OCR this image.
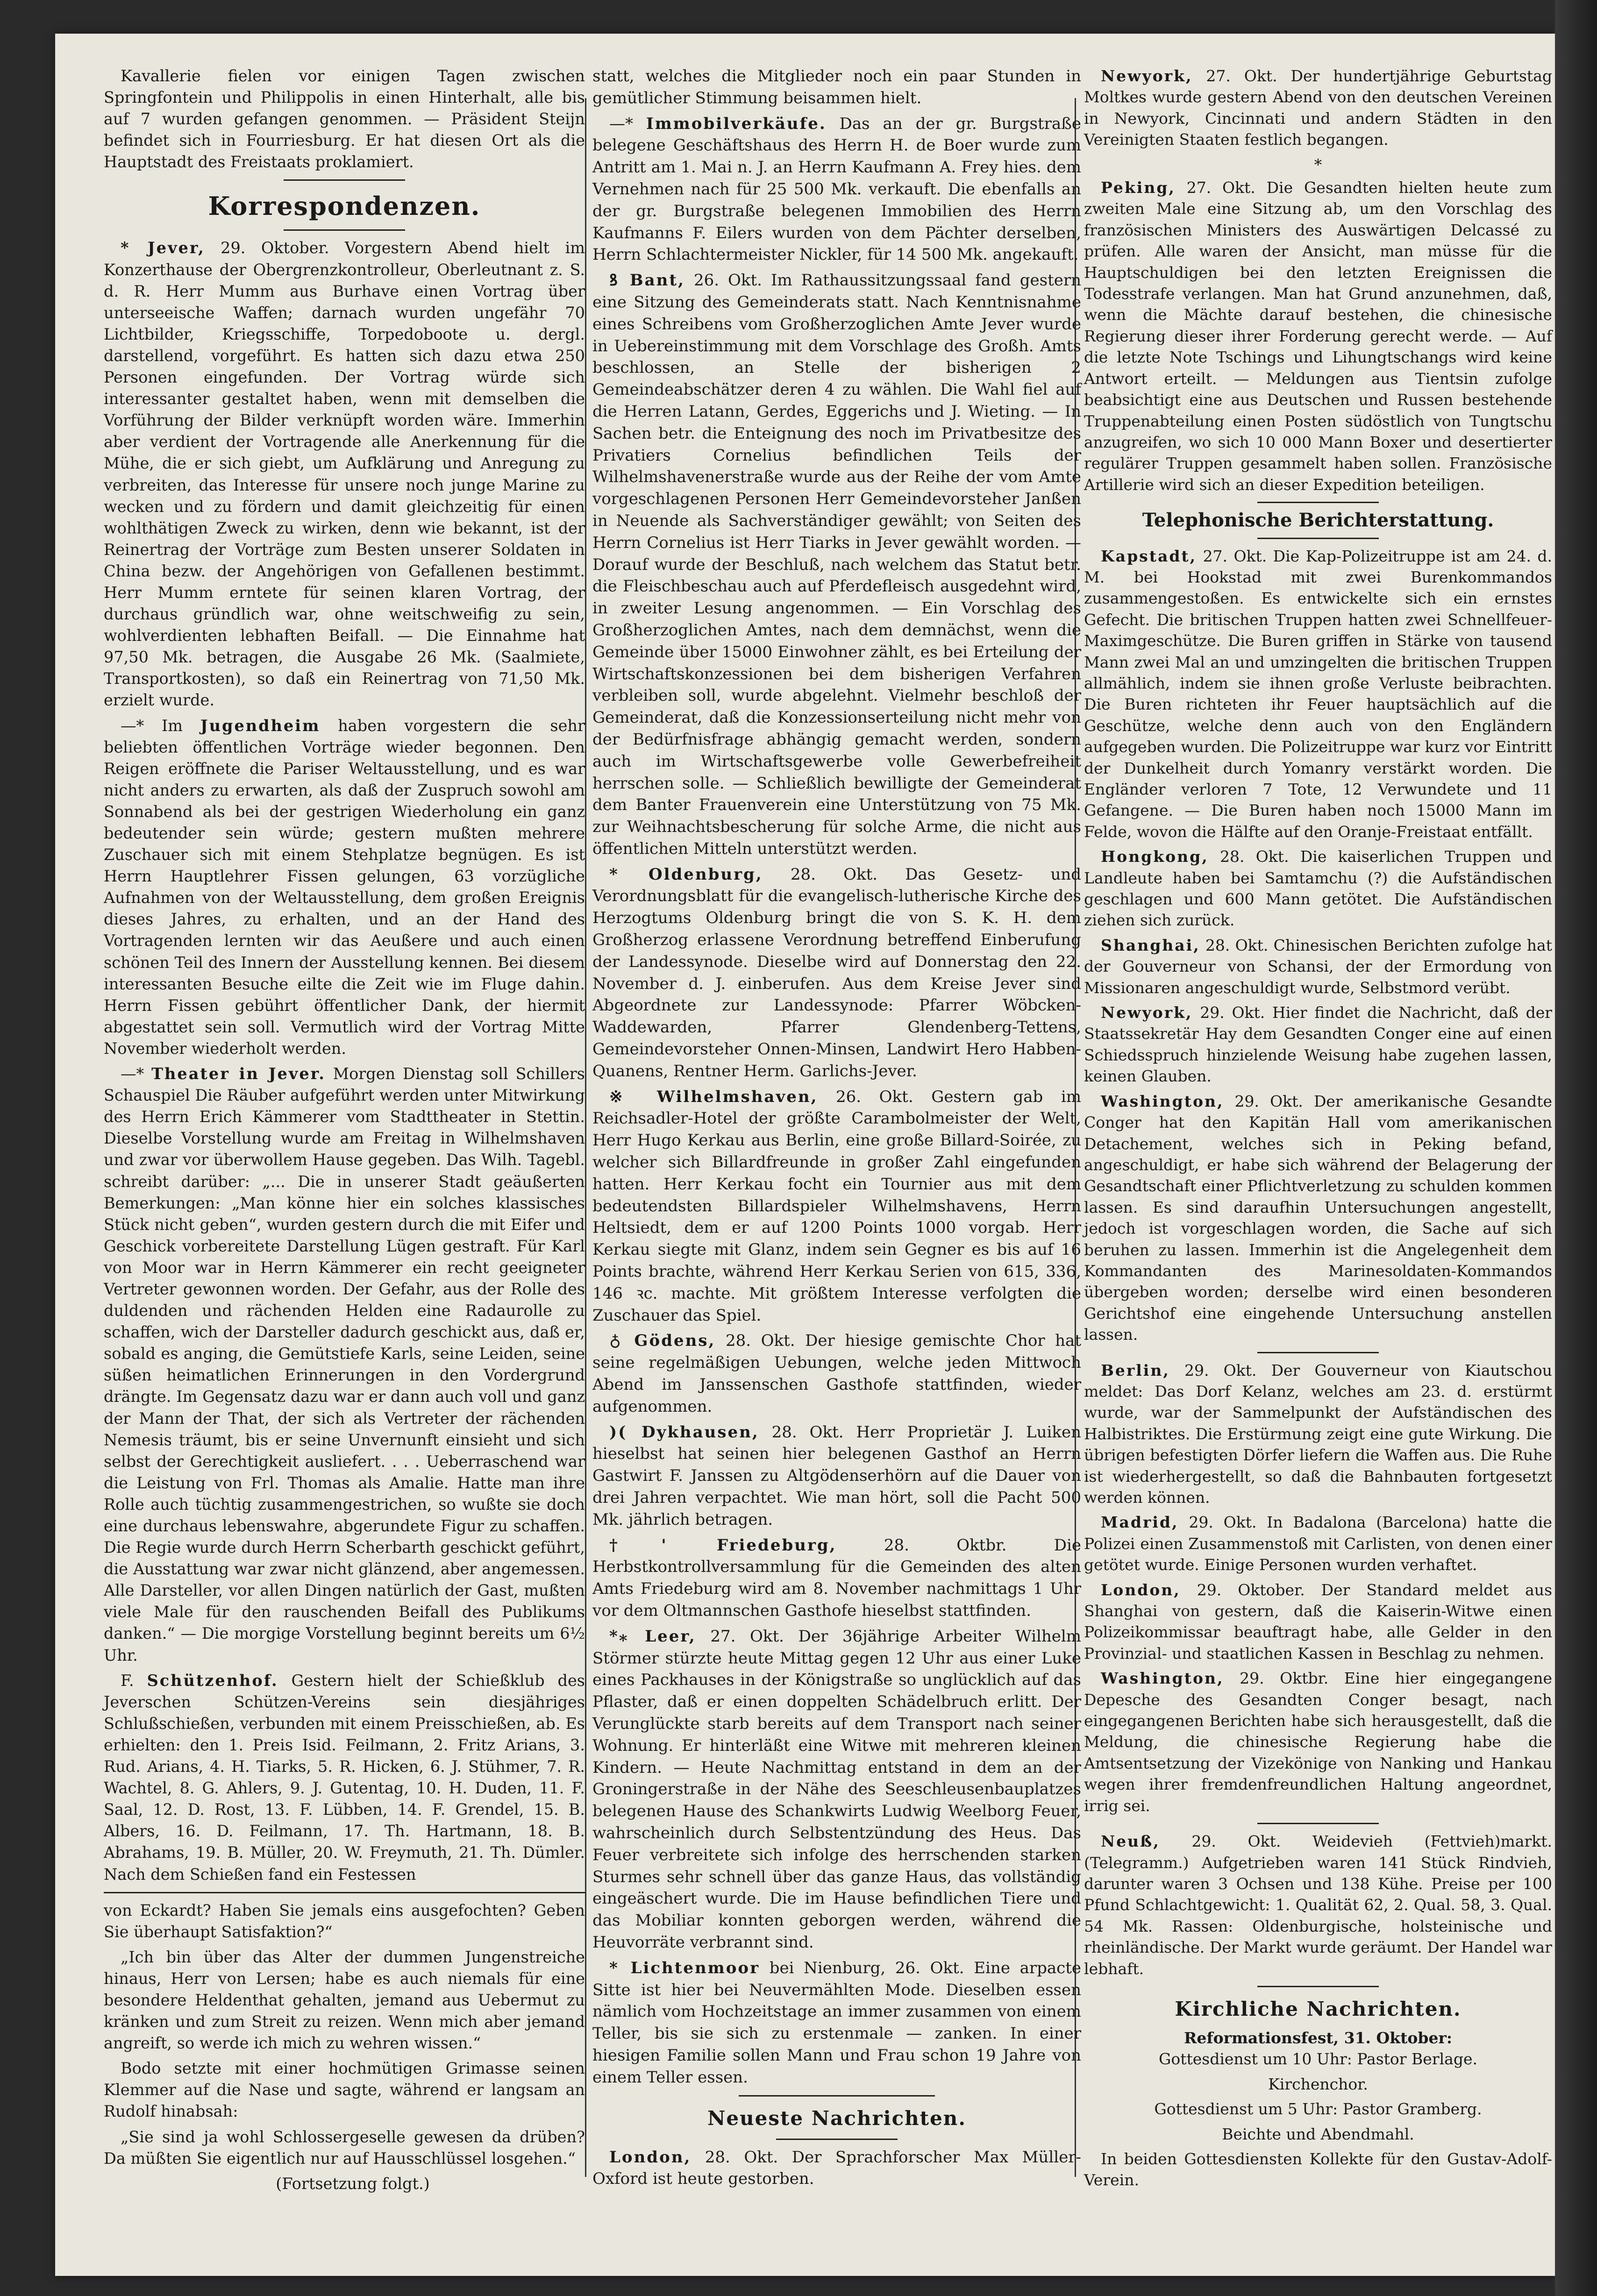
Kavallerie fielen vor einigen Tagen zwischen Springfontein und Philippolis in einen Hinterhalt, alle bis auf 7 wurden gefangen genommen. — Präsident Steijn befindet sich in Fourriesburg. Er hat diesen Ort als die Hauptstadt des Freistaats proklamiert.

Korrespondenzen.

* Jever, 29. Oktober. Vorgestern Abend hielt im Konzerthause der Obergrenzkontrolleur, Oberleutnant z. S. d. R. Herr Mumm aus Burhave einen Vortrag über unterseeische Waffen; darnach wurden ungefähr 70 Lichtbilder, Kriegsschiffe, Torpedoboote u. dergl. darstellend, vorgeführt. Es hatten sich dazu etwa 250 Personen eingefunden. Der Vortrag würde sich interessanter gestaltet haben, wenn mit demselben die Vorführung der Bilder verknüpft worden wäre. Immerhin aber verdient der Vortragende alle Anerkennung für die Mühe, die er sich giebt, um Aufklärung und Anregung zu verbreiten, das Interesse für unsere noch junge Marine zu wecken und zu fördern und damit gleichzeitig für einen wohlthätigen Zweck zu wirken, denn wie bekannt, ist der Reinertrag der Vorträge zum Besten unserer Soldaten in China bezw. der Angehörigen von Gefallenen bestimmt. Herr Mumm erntete für seinen klaren Vortrag, der durchaus gründlich war, ohne weitschweifig zu sein, wohlverdienten lebhaften Beifall. — Die Einnahme hat 97,50 Mk. betragen, die Ausgabe 26 Mk. (Saalmiete, Transportkosten), so daß ein Reinertrag von 71,50 Mk. erzielt wurde.

—* Im Jugendheim haben vorgestern die sehr beliebten öffentlichen Vorträge wieder begonnen. Den Reigen eröffnete die Pariser Weltausstellung, und es war nicht anders zu erwarten, als daß der Zuspruch sowohl am Sonnabend als bei der gestrigen Wiederholung ein ganz bedeutender sein würde; gestern mußten mehrere Zuschauer sich mit einem Stehplatze begnügen. Es ist Herrn Hauptlehrer Fissen gelungen, 63 vorzügliche Aufnahmen von der Weltausstellung, dem großen Ereignis dieses Jahres, zu erhalten, und an der Hand des Vortragenden lernten wir das Aeußere und auch einen schönen Teil des Innern der Ausstellung kennen. Bei diesem interessanten Besuche eilte die Zeit wie im Fluge dahin. Herrn Fissen gebührt öffentlicher Dank, der hiermit abgestattet sein soll. Vermutlich wird der Vortrag Mitte November wiederholt werden.

—* Theater in Jever. Morgen Dienstag soll Schillers Schauspiel Die Räuber aufgeführt werden unter Mitwirkung des Herrn Erich Kämmerer vom Stadttheater in Stettin. Dieselbe Vorstellung wurde am Freitag in Wilhelmshaven und zwar vor überwollem Hause gegeben. Das Wilh. Tagebl. schreibt darüber: „... Die in unserer Stadt geäußerten Bemerkungen: „Man könne hier ein solches klassisches Stück nicht geben“, wurden gestern durch die mit Eifer und Geschick vorbereitete Darstellung Lügen gestraft. Für Karl von Moor war in Herrn Kämmerer ein recht geeigneter Vertreter gewonnen worden. Der Gefahr, aus der Rolle des duldenden und rächenden Helden eine Radaurolle zu schaffen, wich der Darsteller dadurch geschickt aus, daß er, sobald es anging, die Gemütstiefe Karls, seine Leiden, seine süßen heimatlichen Erinnerungen in den Vordergrund drängte. Im Gegensatz dazu war er dann auch voll und ganz der Mann der That, der sich als Vertreter der rächenden Nemesis träumt, bis er seine Unvernunft einsieht und sich selbst der Gerechtigkeit ausliefert. . . . Ueberraschend war die Leistung von Frl. Thomas als Amalie. Hatte man ihre Rolle auch tüchtig zusammengestrichen, so wußte sie doch eine durchaus lebenswahre, abgerundete Figur zu schaffen. Die Regie wurde durch Herrn Scherbarth geschickt geführt, die Ausstattung war zwar nicht glänzend, aber angemessen. Alle Darsteller, vor allen Dingen natürlich der Gast, mußten viele Male für den rauschenden Beifall des Publikums danken.“ — Die morgige Vorstellung beginnt bereits um 6½ Uhr.

F. Schützenhof. Gestern hielt der Schießklub des Jeverschen Schützen-Vereins sein diesjähriges Schlußschießen, verbunden mit einem Preisschießen, ab. Es erhielten: den 1. Preis Isid. Feilmann, 2. Fritz Arians, 3. Rud. Arians, 4. H. Tiarks, 5. R. Hicken, 6. J. Stühmer, 7. R. Wachtel, 8. G. Ahlers, 9. J. Gutentag, 10. H. Duden, 11. F. Saal, 12. D. Rost, 13. F. Lübben, 14. F. Grendel, 15. B. Albers, 16. D. Feilmann, 17. Th. Hartmann, 18. B. Abrahams, 19. B. Müller, 20. W. Freymuth, 21. Th. Dümler. Nach dem Schießen fand ein Festessen

von Eckardt? Haben Sie jemals eins ausgefochten? Geben Sie überhaupt Satisfaktion?“

„Ich bin über das Alter der dummen Jungenstreiche hinaus, Herr von Lersen; habe es auch niemals für eine besondere Heldenthat gehalten, jemand aus Uebermut zu kränken und zum Streit zu reizen. Wenn mich aber jemand angreift, so werde ich mich zu wehren wissen.“

Bodo setzte mit einer hochmütigen Grimasse seinen Klemmer auf die Nase und sagte, während er langsam an Rudolf hinabsah:

„Sie sind ja wohl Schlossergeselle gewesen da drüben? Da müßten Sie eigentlich nur auf Hausschlüssel losgehen.“

(Fortsetzung folgt.)

statt, welches die Mitglieder noch ein paar Stunden in gemütlicher Stimmung beisammen hielt.

—* Immobilverkäufe. Das an der gr. Burgstraße belegene Geschäftshaus des Herrn H. de Boer wurde zum Antritt am 1. Mai n. J. an Herrn Kaufmann A. Frey hies. dem Vernehmen nach für 25 500 Mk. verkauft. Die ebenfalls an der gr. Burgstraße belegenen Immobilien des Herrn Kaufmanns F. Eilers wurden von dem Pächter derselben, Herrn Schlachtermeister Nickler, für 14 500 Mk. angekauft.

ꝸ Bant, 26. Okt. Im Rathaussitzungssaal fand gestern eine Sitzung des Gemeinderats statt. Nach Kenntnisnahme eines Schreibens vom Großherzoglichen Amte Jever wurde in Uebereinstimmung mit dem Vorschlage des Großh. Amts beschlossen, an Stelle der bisherigen 2 Gemeindeabschätzer deren 4 zu wählen. Die Wahl fiel auf die Herren Latann, Gerdes, Eggerichs und J. Wieting. — In Sachen betr. die Enteignung des noch im Privatbesitze des Privatiers Cornelius befindlichen Teils der Wilhelmshavenerstraße wurde aus der Reihe der vom Amte vorgeschlagenen Personen Herr Gemeindevorsteher Janßen in Neuende als Sachverständiger gewählt; von Seiten des Herrn Cornelius ist Herr Tiarks in Jever gewählt worden. — Dorauf wurde der Beschluß, nach welchem das Statut betr. die Fleischbeschau auch auf Pferdefleisch ausgedehnt wird, in zweiter Lesung angenommen. — Ein Vorschlag des Großherzoglichen Amtes, nach dem demnächst, wenn die Gemeinde über 15000 Einwohner zählt, es bei Erteilung der Wirtschaftskonzessionen bei dem bisherigen Verfahren verbleiben soll, wurde abgelehnt. Vielmehr beschloß der Gemeinderat, daß die Konzessionserteilung nicht mehr von der Bedürfnisfrage abhängig gemacht werden, sondern auch im Wirtschaftsgewerbe volle Gewerbefreiheit herrschen solle. — Schließlich bewilligte der Gemeinderat dem Banter Frauenverein eine Unterstützung von 75 Mk. zur Weihnachtsbescherung für solche Arme, die nicht aus öffentlichen Mitteln unterstützt werden.

* Oldenburg, 28. Okt. Das Gesetz- und Verordnungsblatt für die evangelisch-lutherische Kirche des Herzogtums Oldenburg bringt die von S. K. H. dem Großherzog erlassene Verordnung betreffend Einberufung der Landessynode. Dieselbe wird auf Donnerstag den 22. November d. J. einberufen. Aus dem Kreise Jever sind Abgeordnete zur Landessynode: Pfarrer Wöbcken-Waddewarden, Pfarrer Glendenberg-Tettens, Gemeindevorsteher Onnen-Minsen, Landwirt Hero Habben-Quanens, Rentner Herm. Garlichs-Jever.

※ Wilhelmshaven, 26. Okt. Gestern gab im Reichsadler-Hotel der größte Carambolmeister der Welt, Herr Hugo Kerkau aus Berlin, eine große Billard-Soirée, zu welcher sich Billardfreunde in großer Zahl eingefunden hatten. Herr Kerkau focht ein Tournier aus mit dem bedeutendsten Billardspieler Wilhelmshavens, Herrn Heltsiedt, dem er auf 1200 Points 1000 vorgab. Herr Kerkau siegte mit Glanz, indem sein Gegner es bis auf 16 Points brachte, während Herr Kerkau Serien von 615, 336, 146 ꝛc. machte. Mit größtem Interesse verfolgten die Zuschauer das Spiel.

♁ Gödens, 28. Okt. Der hiesige gemischte Chor hat seine regelmäßigen Uebungen, welche jeden Mittwoch Abend im Janssenschen Gasthofe stattfinden, wieder aufgenommen.

)( Dykhausen, 28. Okt. Herr Proprietär J. Luiken hieselbst hat seinen hier belegenen Gasthof an Herrn Gastwirt F. Janssen zu Altgödenserhörn auf die Dauer von drei Jahren verpachtet. Wie man hört, soll die Pacht 500 Mk. jährlich betragen.

†' Friedeburg,	28. Oktbr. Die Herbstkontrollversammlung für die Gemeinden des alten Amts Friedeburg wird am 8. November nachmittags 1 Uhr vor dem Oltmannschen Gasthofe hieselbst stattfinden.

*⁎ Leer, 27. Okt. Der 36jährige Arbeiter Wilhelm Störmer stürzte heute Mittag gegen 12 Uhr aus einer Luke eines Packhauses in der Königstraße so unglücklich auf das Pflaster, daß er einen doppelten Schädelbruch erlitt. Der Verunglückte starb bereits auf dem Transport nach seiner Wohnung. Er hinterläßt eine Witwe mit mehreren kleinen Kindern. — Heute Nachmittag entstand in dem an der Groningerstraße in der Nähe des Seeschleusenbauplatzes belegenen Hause des Schankwirts Ludwig Weelborg Feuer, wahrscheinlich durch Selbstentzündung des Heus. Das Feuer verbreitete sich infolge des herrschenden starken Sturmes sehr schnell über das ganze Haus, das vollständig eingeäschert wurde. Die im Hause befindlichen Tiere und das Mobiliar konnten geborgen werden, während die Heuvorräte verbrannt sind.

* Lichtenmoor bei Nienburg, 26. Okt. Eine arpacte Sitte ist hier bei Neuvermählten Mode. Dieselben essen nämlich vom Hochzeitstage an immer zusammen von einem Teller, bis sie sich zu erstenmale — zanken. In einer hiesigen Familie sollen Mann und Frau schon 19 Jahre von einem Teller essen.

Neueste Nachrichten.

London, 28. Okt. Der Sprachforscher Max Müller-Oxford ist heute gestorben.

Newyork, 27. Okt. Der hundertjährige Geburtstag Moltkes wurde gestern Abend von den deutschen Vereinen in Newyork, Cincinnati und andern Städten in den Vereinigten Staaten festlich begangen.

*

Peking, 27. Okt. Die Gesandten hielten heute zum zweiten Male eine Sitzung ab, um den Vorschlag des französischen Ministers des Auswärtigen Delcassé zu prüfen. Alle waren der Ansicht, man müsse für die Hauptschuldigen bei den letzten Ereignissen die Todesstrafe verlangen. Man hat Grund anzunehmen, daß, wenn die Mächte darauf bestehen, die chinesische Regierung dieser ihrer Forderung gerecht werde. — Auf die letzte Note Tschings und Lihungtschangs wird keine Antwort erteilt. — Meldungen aus Tientsin zufolge beabsichtigt eine aus Deutschen und Russen bestehende Truppenabteilung einen Posten südöstlich von Tungtschu anzugreifen, wo sich 10 000 Mann Boxer und desertierter regulärer Truppen gesammelt haben sollen. Französische Artillerie wird sich an dieser Expedition beteiligen.

Telephonische Berichterstattung.

Kapstadt, 27. Okt. Die Kap-Polizeitruppe ist am 24. d. M. bei Hookstad mit zwei Burenkommandos zusammengestoßen. Es entwickelte sich ein ernstes Gefecht. Die britischen Truppen hatten zwei Schnellfeuer-Maximgeschütze. Die Buren griffen in Stärke von tausend Mann zwei Mal an und umzingelten die britischen Truppen allmählich, indem sie ihnen große Verluste beibrachten. Die Buren richteten ihr Feuer hauptsächlich auf die Geschütze, welche denn auch von den Engländern aufgegeben wurden. Die Polizeitruppe war kurz vor Eintritt der Dunkelheit durch Yomanry verstärkt worden. Die Engländer verloren 7 Tote, 12 Verwundete und 11 Gefangene. — Die Buren haben noch 15000 Mann im Felde, wovon die Hälfte auf den Oranje-Freistaat entfällt.

Hongkong, 28. Okt. Die kaiserlichen Truppen und Landleute haben bei Samtamchu (?) die Aufständischen geschlagen und 600 Mann getötet. Die Aufständischen ziehen sich zurück.

Shanghai, 28. Okt. Chinesischen Berichten zufolge hat der Gouverneur von Schansi, der der Ermordung von Missionaren angeschuldigt wurde, Selbstmord verübt.

Newyork, 29. Okt. Hier findet die Nachricht, daß der Staatssekretär Hay dem Gesandten Conger eine auf einen Schiedsspruch hinzielende Weisung habe zugehen lassen, keinen Glauben.

Washington, 29. Okt. Der amerikanische Gesandte Conger hat den Kapitän Hall vom amerikanischen Detachement, welches sich in Peking befand, angeschuldigt, er habe sich während der Belagerung der Gesandtschaft einer Pflichtverletzung zu schulden kommen lassen. Es sind daraufhin Untersuchungen angestellt, jedoch ist vorgeschlagen worden, die Sache auf sich beruhen zu lassen. Immerhin ist die Angelegenheit dem Kommandanten des Marinesoldaten-Kommandos übergeben worden; derselbe wird einen besonderen Gerichtshof eine eingehende Untersuchung anstellen lassen.

Berlin, 29. Okt. Der Gouverneur von Kiautschou meldet: Das Dorf Kelanz, welches am 23. d. erstürmt wurde, war der Sammelpunkt der Aufständischen des Halbistriktes. Die Erstürmung zeigt eine gute Wirkung. Die übrigen befestigten Dörfer liefern die Waffen aus. Die Ruhe ist wiederhergestellt, so daß die Bahnbauten fortgesetzt werden können.

Madrid, 29. Okt. In Badalona (Barcelona) hatte die Polizei einen Zusammenstoß mit Carlisten, von denen einer getötet wurde. Einige Personen wurden verhaftet.

London, 29. Oktober. Der Standard meldet aus Shanghai von gestern, daß die Kaiserin-Witwe einen Polizeikommissar beauftragt habe, alle Gelder in den Provinzial- und staatlichen Kassen in Beschlag zu nehmen.

Washington, 29. Oktbr. Eine hier eingegangene Depesche des Gesandten Conger besagt, nach eingegangenen Berichten habe sich herausgestellt, daß die Meldung, die chinesische Regierung habe die Amtsentsetzung der Vizekönige von Nanking und Hankau wegen ihrer fremdenfreundlichen Haltung angeordnet, irrig sei.

Neuß, 29. Okt. Weidevieh (Fettvieh)markt. (Telegramm.) Aufgetrieben waren 141 Stück Rindvieh, darunter waren 3 Ochsen und 138 Kühe. Preise per 100 Pfund Schlachtgewicht: 1. Qualität 62, 2. Qual. 58, 3. Qual. 54 Mk. Rassen: Oldenburgische, holsteinische und rheinländische. Der Markt wurde geräumt. Der Handel war lebhaft.

Kirchliche Nachrichten.
Reformationsfest, 31. Oktober:

Gottesdienst um 10 Uhr: Pastor Berlage.

Kirchenchor.

Gottesdienst um 5 Uhr: Pastor Gramberg.

Beichte und Abendmahl.

In beiden Gottesdiensten Kollekte für den Gustav-Adolf-Verein.
